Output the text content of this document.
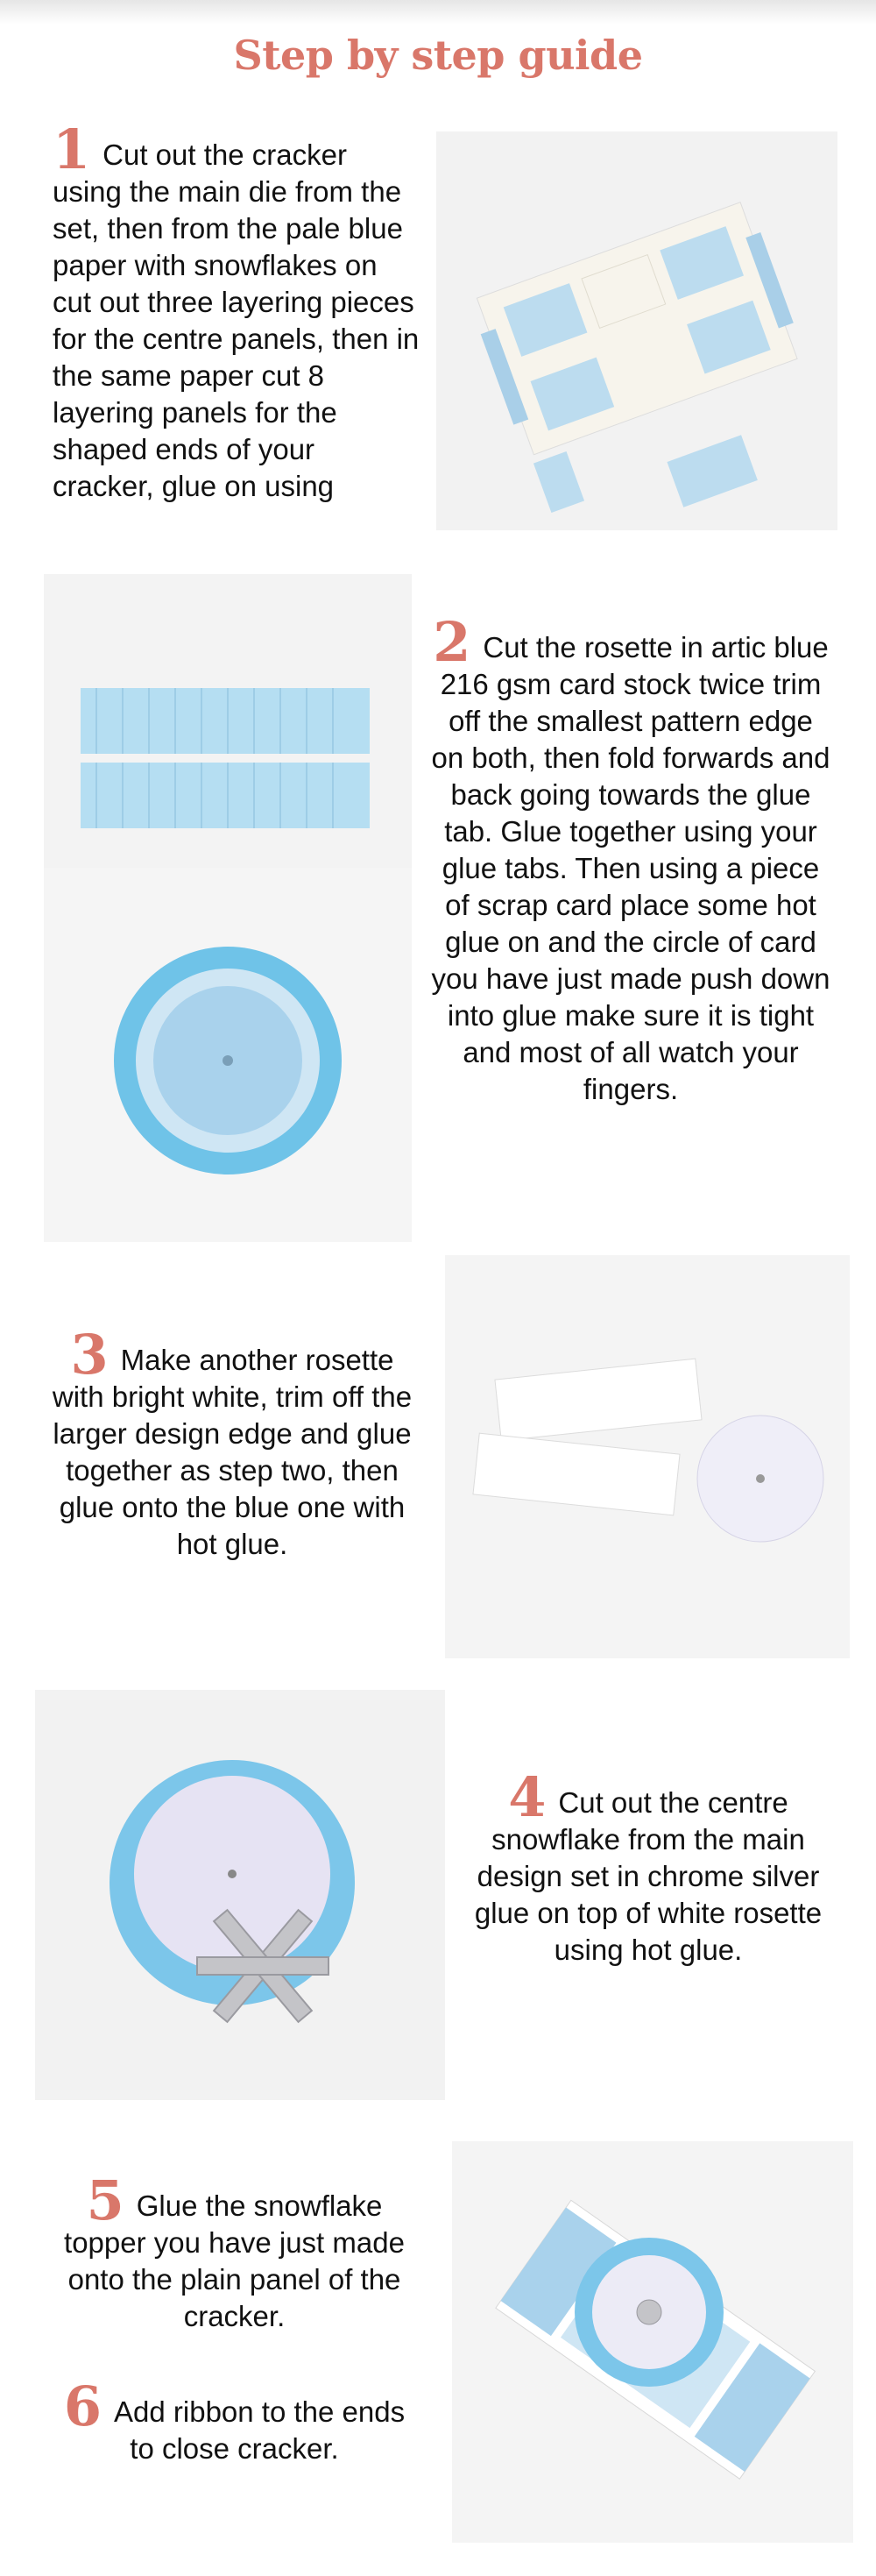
Step by step guide
1 Cut out the cracker using the main die from the set, then from the pale blue paper with snowflakes on cut out three layering pieces for the centre panels, then in the same paper cut 8 layering panels for the shaped ends of your cracker, glue on using
2 Cut the rosette in artic blue 216 gsm card stock twice trim off the smallest pattern edge on both, then fold forwards and back going towards the glue tab. Glue together using your glue tabs. Then using a piece of scrap card place some hot glue on and the circle of card you have just made push down into glue make sure it is tight and most of all watch your fingers.
3 Make another rosette with bright white, trim off the larger design edge and glue together as step two, then glue onto the blue one with hot glue.
4 Cut out the centre snowflake from the main design set in chrome silver glue on top of white rosette using hot glue.
5 Glue the snowflake topper you have just made onto the plain panel of the cracker.
6 Add ribbon to the ends to close cracker.
